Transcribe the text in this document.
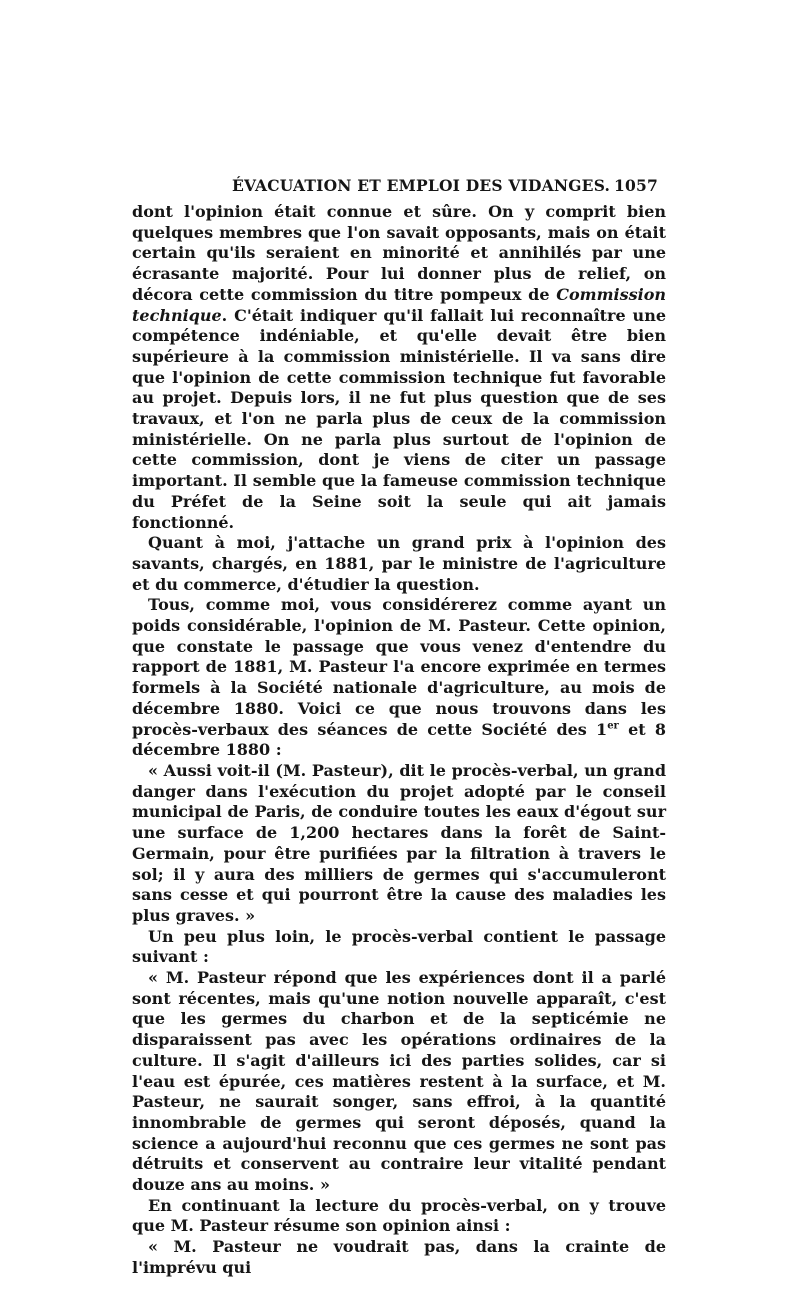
ÉVACUATION ET EMPLOI DES VIDANGES. 1057

dont l'opinion était connue et sûre. On y comprit bien quelques membres que l'on savait opposants, mais on était certain qu'ils seraient en minorité et annihilés par une écrasante majorité. Pour lui donner plus de relief, on décora cette commission du titre pompeux de Commission technique. C'était indiquer qu'il fallait lui reconnaître une compétence indéniable, et qu'elle devait être bien supérieure à la commission ministérielle. Il va sans dire que l'opinion de cette commission technique fut favorable au projet. Depuis lors, il ne fut plus question que de ses travaux, et l'on ne parla plus de ceux de la commission ministérielle. On ne parla plus surtout de l'opinion de cette commission, dont je viens de citer un passage important. Il semble que la fameuse commission technique du Préfet de la Seine soit la seule qui ait jamais fonctionné.

Quant à moi, j'attache un grand prix à l'opinion des savants, chargés, en 1881, par le ministre de l'agriculture et du commerce, d'étudier la question.

Tous, comme moi, vous considérerez comme ayant un poids considérable, l'opinion de M. Pasteur. Cette opinion, que constate le passage que vous venez d'entendre du rapport de 1881, M. Pasteur l'a encore exprimée en termes formels à la Société nationale d'agriculture, au mois de décembre 1880. Voici ce que nous trouvons dans les procès-verbaux des séances de cette Société des 1er et 8 décembre 1880 :

« Aussi voit-il (M. Pasteur), dit le procès-verbal, un grand danger dans l'exécution du projet adopté par le conseil municipal de Paris, de conduire toutes les eaux d'égout sur une surface de 1,200 hectares dans la forêt de Saint-Germain, pour être purifiées par la filtration à travers le sol; il y aura des milliers de germes qui s'accumuleront sans cesse et qui pourront être la cause des maladies les plus graves. »

Un peu plus loin, le procès-verbal contient le passage suivant :

« M. Pasteur répond que les expériences dont il a parlé sont récentes, mais qu'une notion nouvelle apparaît, c'est que les germes du charbon et de la septicémie ne disparaissent pas avec les opérations ordinaires de la culture. Il s'agit d'ailleurs ici des parties solides, car si l'eau est épurée, ces matières restent à la surface, et M. Pasteur, ne saurait songer, sans effroi, à la quantité innombrable de germes qui seront déposés, quand la science a aujourd'hui reconnu que ces germes ne sont pas détruits et conservent au contraire leur vitalité pendant douze ans au moins. »

En continuant la lecture du procès-verbal, on y trouve que M. Pasteur résume son opinion ainsi :

« M. Pasteur ne voudrait pas, dans la crainte de l'imprévu qui
